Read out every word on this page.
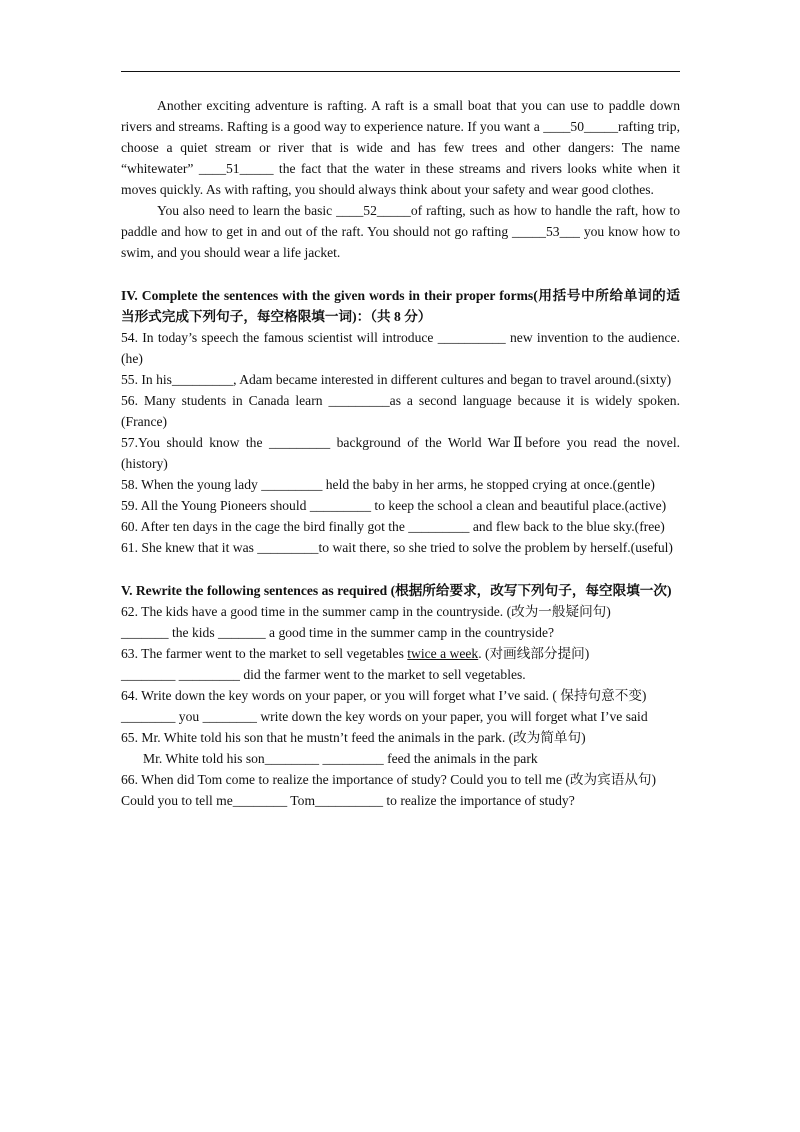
Another exciting adventure is rafting. A raft is a small boat that you can use to paddle down rivers and streams. Rafting is a good way to experience nature. If you want a ____50_____rafting trip, choose a quiet stream or river that is wide and has few trees and other dangers: The name “whitewater” ____51_____ the fact that the water in these streams and rivers looks white when it moves quickly. As with rafting, you should always think about your safety and wear good clothes.

You also need to learn the basic ____52_____of rafting, such as how to handle the raft, how to paddle and how to get in and out of the raft. You should not go rafting _____53___ you know how to swim, and you should wear a life jacket.

IV. Complete the sentences with the given words in their proper forms(用括号中所给单词的适当形式完成下列句子，每空格限填一词)：（共 8 分）

54. In today’s speech the famous scientist will introduce __________ new invention to the audience.(he)

55. In his_________, Adam became interested in different cultures and began to travel around.(sixty)

56. Many students in Canada learn _________as a second language because it is widely spoken.(France)

57.You should know the _________ background of the World WarⅡbefore you read the novel.(history)

58. When the young lady _________ held the baby in her arms, he stopped crying at once.(gentle)

59. All the Young Pioneers should _________ to keep the school a clean and beautiful place.(active)

60. After ten days in the cage the bird finally got the _________ and flew back to the blue sky.(free)

61. She knew that it was _________to wait there, so she tried to solve the problem by herself.(useful)

V. Rewrite the following sentences as required (根据所给要求，改写下列句子，每空限填一次)

62. The kids have a good time in the summer camp in the countryside. (改为一般疑问句)

_______ the kids _______ a good time in the summer camp in the countryside?

63. The farmer went to the market to sell vegetables twice a week. (对画线部分提问)

________ _________ did the farmer went to the market to sell vegetables.

64. Write down the key words on your paper, or you will forget what I’ve said. ( 保持句意不变)

________ you ________ write down the key words on your paper, you will forget what I’ve said

65. Mr. White told his son that he mustn’t feed the animals in the park. (改为简单句)

Mr. White told his son________ _________ feed the animals in the park

66. When did Tom come to realize the importance of study? Could you to tell me (改为宾语从句)

Could you to tell me________ Tom__________ to realize the importance of study?
